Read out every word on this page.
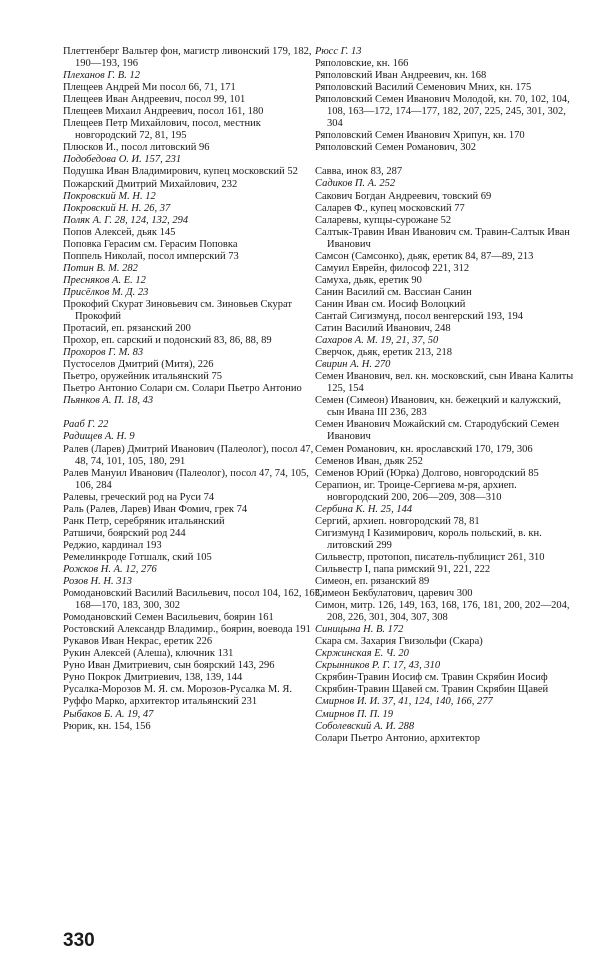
Плеттенберг Вальтер фон, магистр ливонский 179, 182, 190—193, 196

Плеханов Г. В. 12

Плещеев Андрей Ми посол 66, 71, 171

Плещеев Иван Андреевич, посол 99, 101

Плещеев Михаил Андреевич, посол 161, 180

Плещеев Петр Михайлович, посол, местник новгородский 72, 81, 195

Плюсков И., посол литовский 96

Подобедова О. И. 157, 231

Подушка Иван Владимирович, купец московский 52

Пожарский Дмитрий Михайлович, 232

Покровский М. Н. 12

Покровский Н. Н. 26, 37

Поляк А. Г. 28, 124, 132, 294

Попов Алексей, дьяк 145

Поповка Герасим см. Герасим Поповка

Поппель Николай, посол имперский 73

Потин В. М. 282

Пресняков А. Е. 12

Присёлков М. Д. 23

Прокофий Скурат Зиновьевич см. Зиновьев Скурат Прокофий

Протасий, еп. рязанский 200

Прохор, еп. сарский и подонский 83, 86, 88, 89

Прохоров Г. М. 83

Пустоселов Дмитрий (Митя), 226

Пьетро, оружейник итальянский 75

Пьетро Антонио Солари см. Солари Пьетро Антонио

Пьянков А. П. 18, 43

Рааб Г. 22

Радищев А. Н. 9

Ралев (Ларев) Дмитрий Иванович (Палеолог), посол 47, 48, 74, 101, 105, 180, 291

Ралев Мануил Иванович (Палеолог), посол 47, 74, 105, 106, 284

Ралевы, греческий род на Руси 74

Раль (Ралев, Ларев) Иван Фомич, грек 74

Ранк Петр, серебряник итальянский

Ратшичи, боярский род 244

Реджио, кардинал 193

Ремелинкроде Готшалк, ский 105

Рожков Н. А. 12, 276

Розов Н. Н. 313

Ромодановский Василий Васильевич, посол 104, 162, 163, 168—170, 183, 300, 302

Ромодановский Семен Васильевич, боярин 161

Ростовский Александр Владимир., боярин, воевода 191

Рукавов Иван Некрас, еретик 226

Рукин Алексей (Алеша), ключник 131

Руно Иван Дмитриевич, сын боярский 143, 296

Руно Покрок Дмитриевич, 138, 139, 144

Русалка-Морозов М. Я. см. Морозов-Русалка М. Я.

Руффо Марко, архитектор итальянский 231

Рыбаков Б. А. 19, 47

Рюрик, кн. 154, 156

Рюсс Г. 13

Ряполовские, кн. 166

Ряполовский Иван Андреевич, кн. 168

Ряполовский Василий Семенович Мних, кн. 175

Ряполовский Семен Иванович Молодой, кн. 70, 102, 104, 108, 163—172, 174—177, 182, 207, 225, 245, 301, 302, 304

Ряполовский Семен Иванович Хрипун, кн. 170

Ряполовский Семен Романович, 302

Савва, инок 83, 287

Садиков П. А. 252

Сакович Богдан Андреевич, товский 69

Саларев Ф., купец московский 77

Саларевы, купцы-сурожане 52

Салтык-Травин Иван Иванович см. Травин-Салтык Иван Иванович

Самсон (Самсонко), дьяк, еретик 84, 87—89, 213

Самуил Еврейн, философ 221, 312

Самуха, дьяк, еретик 90

Санин Василий см. Вассиан Санин

Санин Иван см. Иосиф Волоцкий

Сантай Сигизмунд, посол венгерский 193, 194

Сатин Василий Иванович, 248

Сахаров А. М. 19, 21, 37, 50

Сверчок, дьяк, еретик 213, 218

Свирин А. Н. 270

Семен Иванович, вел. кн. московский, сын Ивана Калиты 125, 154

Семен (Симеон) Иванович, кн. бежецкий и калужский, сын Ивана III 236, 283

Семен Иванович Можайский см. Стародубский Семен Иванович

Семен Романович, кн. ярославский 170, 179, 306

Семенов Иван, дьяк 252

Семенов Юрий (Юрка) Долгово, новгородский 85

Серапион, иг. Троице-Сергиева м-ря, архиеп. новгородский 200, 206—209, 308—310

Сербина К. Н. 25, 144

Сергий, архиеп. новгородский 78, 81

Сигизмунд I Казимирович, король польский, в. кн. литовский 299

Сильвестр, протопоп, писатель-публицист 261, 310

Сильвестр I, папа римский 91, 221, 222

Симеон, еп. рязанский 89

Симеон Бекбулатович, царевич 300

Симон, митр. 126, 149, 163, 168, 176, 181, 200, 202—204, 208, 226, 301, 304, 307, 308

Синицына Н. В. 172

Скара см. Захария Гвизольфи (Скара)

Скржинская Е. Ч. 20

Скрынников Р. Г. 17, 43, 310

Скрябин-Травин Иосиф см. Травин Скрябин Иосиф

Скрябин-Травин Щавей см. Травин Скрябин Щавей

Смирнов И. И. 37, 41, 124, 140, 166, 277

Смирнов П. П. 19

Соболевский А. И. 288

Солари Пьетро Антонио, архитектор

330
